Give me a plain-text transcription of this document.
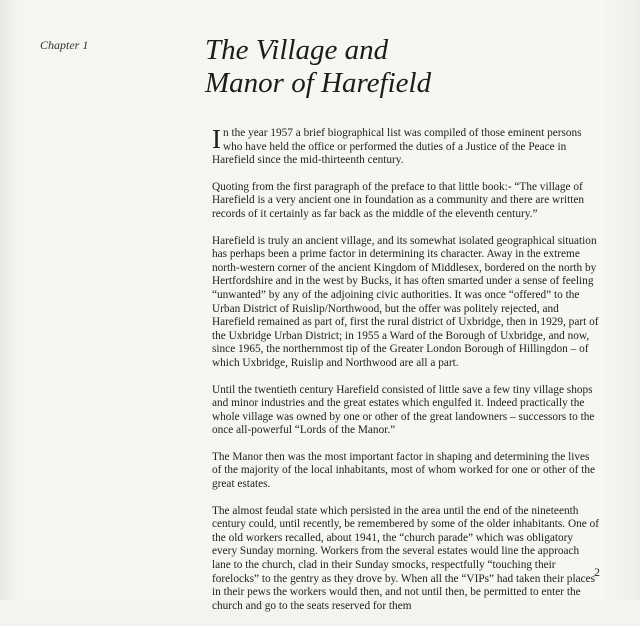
Chapter 1	The Village and
Manor of Harefield

In the year 1957 a brief biographical list was compiled of those eminent persons who have held the office or performed the duties of a Justice of the Peace in Harefield since the mid-thirteenth century.

Quoting from the first paragraph of the preface to that little book:- “The village of Harefield is a very ancient one in foundation as a community and there are written records of it certainly as far back as the middle of the eleventh century.”

Harefield is truly an ancient village, and its somewhat isolated geographical situation has perhaps been a prime factor in determining its character. Away in the extreme north-western corner of the ancient Kingdom of Middlesex, bordered on the north by Hertfordshire and in the west by Bucks, it has often smarted under a sense of feeling “unwanted” by any of the adjoining civic authorities. It was once “offered” to the Urban District of Ruislip/Northwood, but the offer was politely rejected, and Harefield remained as part of, first the rural district of Uxbridge, then in 1929, part of the Uxbridge Urban District; in 1955 a Ward of the Borough of Uxbridge, and now, since 1965, the northernmost tip of the Greater London Borough of Hillingdon – of which Uxbridge, Ruislip and Northwood are all a part.

Until the twentieth century Harefield consisted of little save a few tiny village shops and minor industries and the great estates which engulfed it. Indeed practically the whole village was owned by one or other of the great landowners – successors to the once all-powerful “Lords of the Manor.”

The Manor then was the most important factor in shaping and determining the lives of the majority of the local inhabitants, most of whom worked for one or other of the great estates.

The almost feudal state which persisted in the area until the end of the nineteenth century could, until recently, be remembered by some of the older inhabitants. One of the old workers recalled, about 1941, the “church parade” which was obligatory every Sunday morning. Workers from the several estates would line the approach lane to the church, clad in their Sunday smocks, respectfully “touching their forelocks” to the gentry as they drove by. When all the “VIPs” had taken their places in their pews the workers would then, and not until then, be permitted to enter the church and go to the seats reserved for them

2
